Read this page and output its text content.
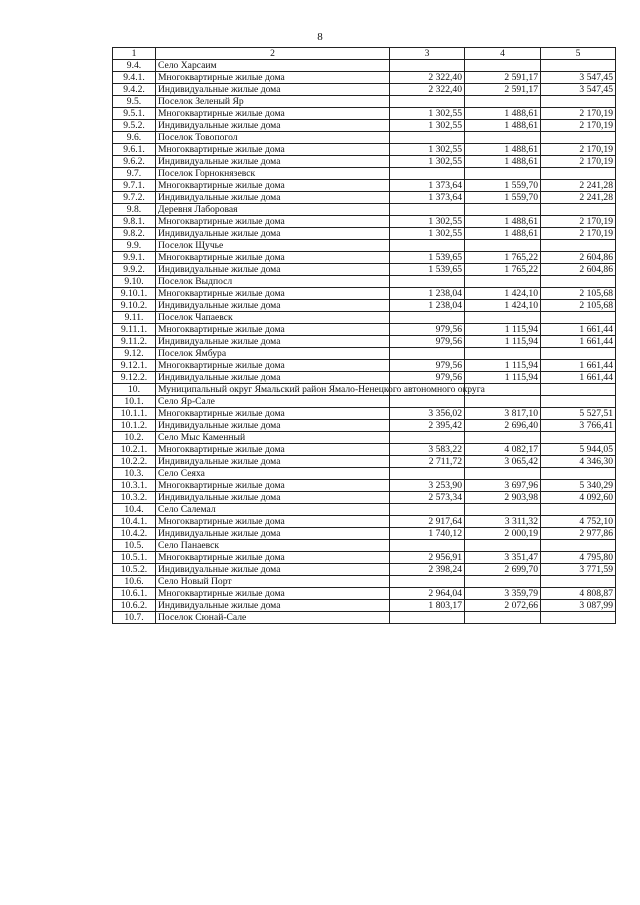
8
1	2	3	4	5
9.4.	Село Харсаим			
9.4.1.	Многоквартирные жилые дома	2 322,40	2 591,17	3 547,45
9.4.2.	Индивидуальные жилые дома	2 322,40	2 591,17	3 547,45
9.5.	Поселок Зеленый Яр			
9.5.1.	Многоквартирные жилые дома	1 302,55	1 488,61	2 170,19
9.5.2.	Индивидуальные жилые дома	1 302,55	1 488,61	2 170,19
9.6.	Поселок Товопогол			
9.6.1.	Многоквартирные жилые дома	1 302,55	1 488,61	2 170,19
9.6.2.	Индивидуальные жилые дома	1 302,55	1 488,61	2 170,19
9.7.	Поселок Горнокнязевск			
9.7.1.	Многоквартирные жилые дома	1 373,64	1 559,70	2 241,28
9.7.2.	Индивидуальные жилые дома	1 373,64	1 559,70	2 241,28
9.8.	Деревня Лаборовая			
9.8.1.	Многоквартирные жилые дома	1 302,55	1 488,61	2 170,19
9.8.2.	Индивидуальные жилые дома	1 302,55	1 488,61	2 170,19
9.9.	Поселок Щучье			
9.9.1.	Многоквартирные жилые дома	1 539,65	1 765,22	2 604,86
9.9.2.	Индивидуальные жилые дома	1 539,65	1 765,22	2 604,86
9.10.	Поселок Выдпосл			
9.10.1.	Многоквартирные жилые дома	1 238,04	1 424,10	2 105,68
9.10.2.	Индивидуальные жилые дома	1 238,04	1 424,10	2 105,68
9.11.	Поселок Чапаевск			
9.11.1.	Многоквартирные жилые дома	979,56	1 115,94	1 661,44
9.11.2.	Индивидуальные жилые дома	979,56	1 115,94	1 661,44
9.12.	Поселок Ямбура			
9.12.1.	Многоквартирные жилые дома	979,56	1 115,94	1 661,44
9.12.2.	Индивидуальные жилые дома	979,56	1 115,94	1 661,44
10.	Муниципальный округ Ямальский район Ямало-Ненецкого автономного округа			
10.1.	Село Яр-Сале			
10.1.1.	Многоквартирные жилые дома	3 356,02	3 817,10	5 527,51
10.1.2.	Индивидуальные жилые дома	2 395,42	2 696,40	3 766,41
10.2.	Село Мыс Каменный			
10.2.1.	Многоквартирные жилые дома	3 583,22	4 082,17	5 944,05
10.2.2.	Индивидуальные жилые дома	2 711,72	3 065,42	4 346,30
10.3.	Село Сеяха			
10.3.1.	Многоквартирные жилые дома	3 253,90	3 697,96	5 340,29
10.3.2.	Индивидуальные жилые дома	2 573,34	2 903,98	4 092,60
10.4.	Село Салемал			
10.4.1.	Многоквартирные жилые дома	2 917,64	3 311,32	4 752,10
10.4.2.	Индивидуальные жилые дома	1 740,12	2 000,19	2 977,86
10.5.	Село Панаевск			
10.5.1.	Многоквартирные жилые дома	2 956,91	3 351,47	4 795,80
10.5.2.	Индивидуальные жилые дома	2 398,24	2 699,70	3 771,59
10.6.	Село Новый Порт			
10.6.1.	Многоквартирные жилые дома	2 964,04	3 359,79	4 808,87
10.6.2.	Индивидуальные жилые дома	1 803,17	2 072,66	3 087,99
10.7.	Поселок Сюнай-Сале			
